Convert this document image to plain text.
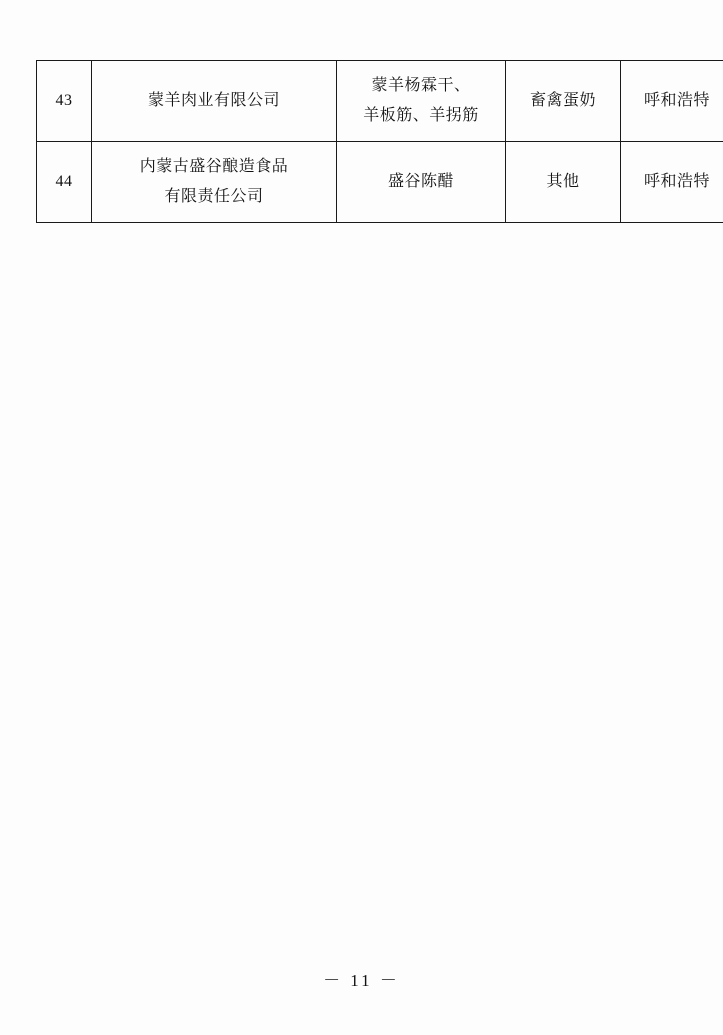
43	蒙羊肉业有限公司	蒙羊杨霖干、
羊板筋、羊拐筋	畜禽蛋奶	呼和浩特
44	内蒙古盛谷酿造食品
有限责任公司	盛谷陈醋	其他	呼和浩特
－ 11 －
